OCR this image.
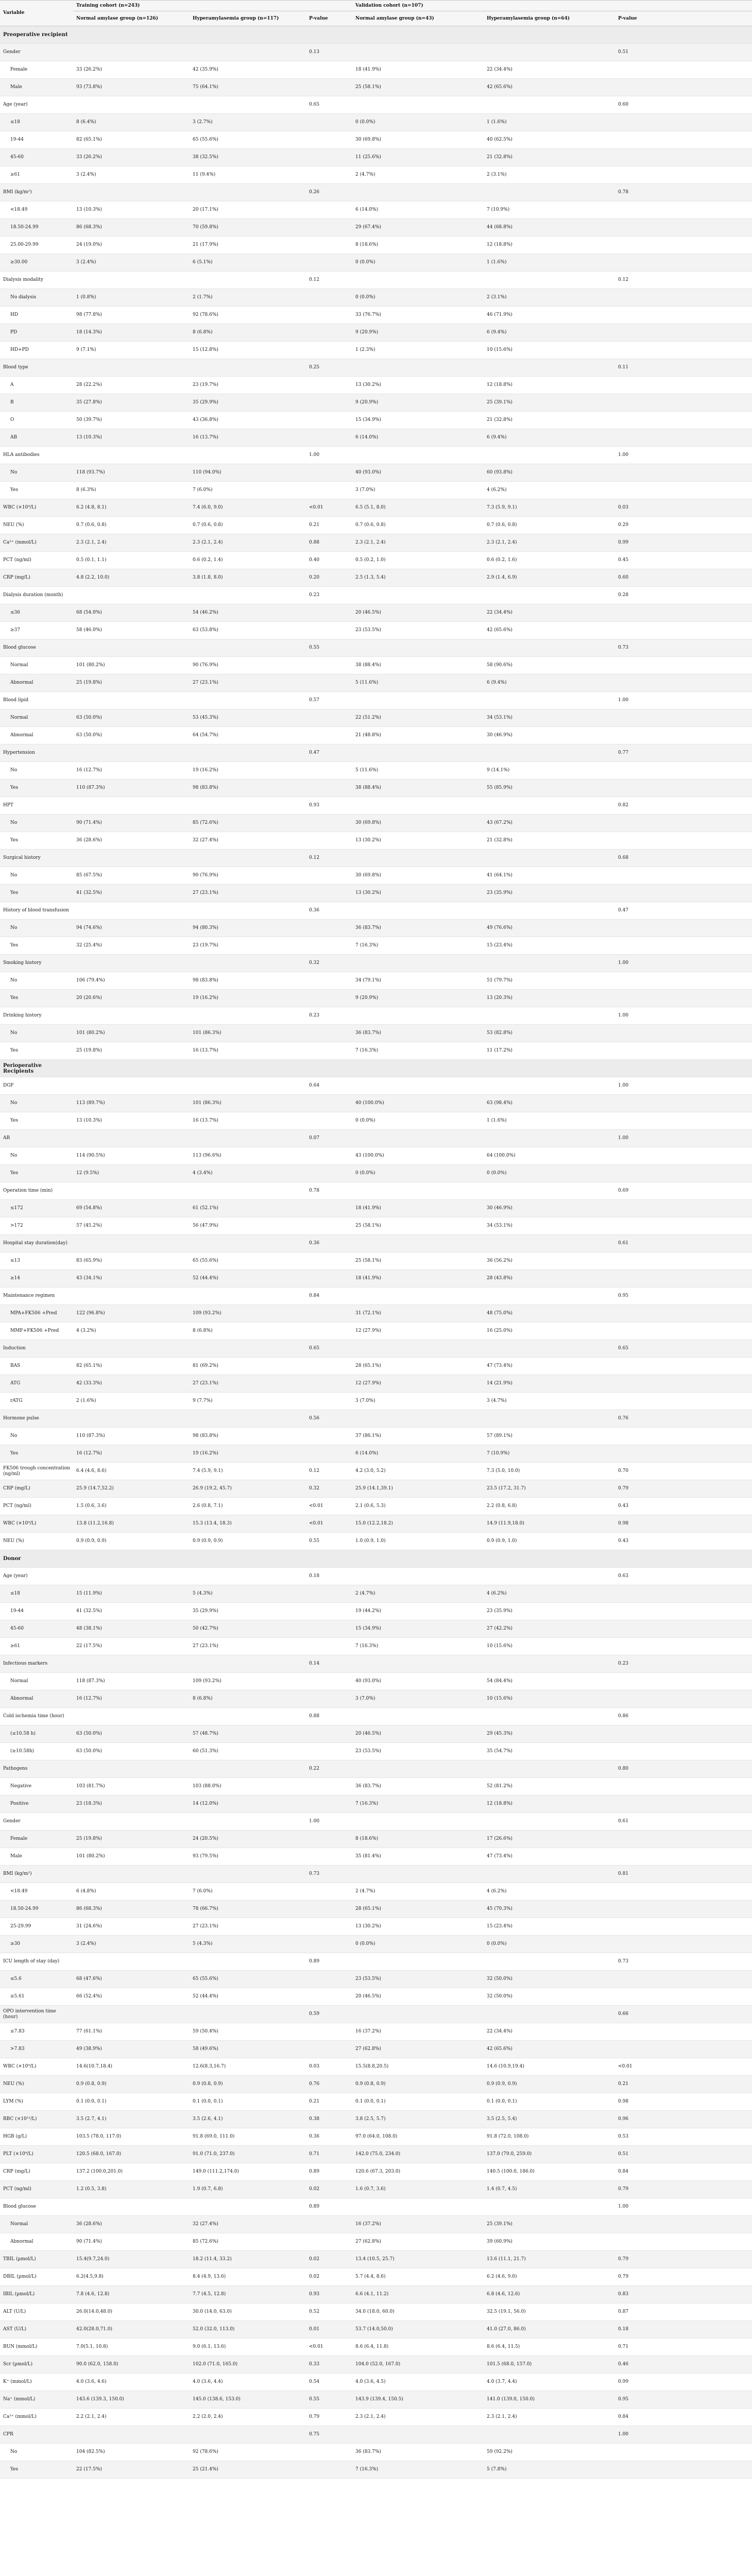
Variable	Training cohort (n=243)			Validation cohort (n=107)		
	Normal amylase group (n=126)	Hyperamylasemia group (n=117)	P-value	Normal amylase group (n=43)	Hyperamylasemia group (n=64)	P-value
Preoperative recipient						
Gender			0.13			0.51
Female	33 (26.2%)	42 (35.9%)		18 (41.9%)	22 (34.4%)	
Male	93 (73.8%)	75 (64.1%)		25 (58.1%)	42 (65.6%)	
Age (year)			0.65			0.60
≤18	8 (6.4%)	3 (2.7%)		0 (0.0%)	1 (1.6%)	
19-44	82 (65.1%)	65 (55.6%)		30 (69.8%)	40 (62.5%)	
45-60	33 (26.2%)	38 (32.5%)		11 (25.6%)	21 (32.8%)	
≥61	3 (2.4%)	11 (9.4%)		2 (4.7%)	2 (3.1%)	
BMI (kg/m²)			0.26			0.78
<18.49	13 (10.3%)	20 (17.1%)		6 (14.0%)	7 (10.9%)	
18.50-24.99	86 (68.3%)	70 (59.8%)		29 (67.4%)	44 (68.8%)	
25.00-29.99	24 (19.0%)	21 (17.9%)		8 (18.6%)	12 (18.8%)	
≥30.00	3 (2.4%)	6 (5.1%)		0 (0.0%)	1 (1.6%)	
Dialysis modality			0.12			0.12
No dialysis	1 (0.8%)	2 (1.7%)		0 (0.0%)	2 (3.1%)	
HD	98 (77.8%)	92 (78.6%)		33 (76.7%)	46 (71.9%)	
PD	18 (14.3%)	8 (6.8%)		9 (20.9%)	6 (9.4%)	
HD+PD	9 (7.1%)	15 (12.8%)		1 (2.3%)	10 (15.6%)	
Blood type			0.25			0.11
A	28 (22.2%)	23 (19.7%)		13 (30.2%)	12 (18.8%)	
B	35 (27.8%)	35 (29.9%)		9 (20.9%)	25 (39.1%)	
O	50 (39.7%)	43 (36.8%)		15 (34.9%)	21 (32.8%)	
AB	13 (10.3%)	16 (13.7%)		6 (14.0%)	6 (9.4%)	
HLA antibodies			1.00			1.00
No	118 (93.7%)	110 (94.0%)		40 (93.0%)	60 (93.8%)	
Yes	8 (6.3%)	7 (6.0%)		3 (7.0%)	4 (6.2%)	
WBC (×10⁹/L)	6.2 (4.8, 8.1)	7.4 (6.0, 9.0)	<0.01	6.5 (5.1, 8.0)	7.3 (5.9, 9.1)	0.03
NEU (%)	0.7 (0.6, 0.8)	0.7 (0.6, 0.8)	0.21	0.7 (0.6, 0.8)	0.7 (0.6, 0.8)	0.29
Ca²⁺ (mmol/L)	2.3 (2.1, 2.4)	2.3 (2.1, 2.4)	0.88	2.3 (2.1, 2.4)	2.3 (2.1, 2.4)	0.99
PCT (ng/ml)	0.5 (0.1, 1.1)	0.6 (0.2, 1.4)	0.40	0.5 (0.2, 1.0)	0.6 (0.2, 1.6)	0.45
CRP (mg/L)	4.8 (2.2, 10.0)	3.8 (1.8, 8.0)	0.20	2.5 (1.3, 5.4)	2.9 (1.4, 6.9)	0.60
Dialysis duration (month)			0.23			0.28
≤36	68 (54.0%)	54 (46.2%)		20 (46.5%)	22 (34.4%)	
≥37	58 (46.0%)	63 (53.8%)		23 (53.5%)	42 (65.6%)	
Blood glucose			0.55			0.73
Normal	101 (80.2%)	90 (76.9%)		38 (88.4%)	58 (90.6%)	
Abnormal	25 (19.8%)	27 (23.1%)		5 (11.6%)	6 (9.4%)	
Blood lipid			0.57			1.00
Normal	63 (50.0%)	53 (45.3%)		22 (51.2%)	34 (53.1%)	
Abnormal	63 (50.0%)	64 (54.7%)		21 (48.8%)	30 (46.9%)	
Hypertension			0.47			0.77
No	16 (12.7%)	19 (16.2%)		5 (11.6%)	9 (14.1%)	
Yes	110 (87.3%)	98 (83.8%)		38 (88.4%)	55 (85.9%)	
HPT			0.93			0.82
No	90 (71.4%)	85 (72.6%)		30 (69.8%)	43 (67.2%)	
Yes	36 (28.6%)	32 (27.4%)		13 (30.2%)	21 (32.8%)	
Surgical history			0.12			0.68
No	85 (67.5%)	90 (76.9%)		30 (69.8%)	41 (64.1%)	
Yes	41 (32.5%)	27 (23.1%)		13 (30.2%)	23 (35.9%)	
History of blood transfusion			0.36			0.47
No	94 (74.6%)	94 (80.3%)		36 (83.7%)	49 (76.6%)	
Yes	32 (25.4%)	23 (19.7%)		7 (16.3%)	15 (23.4%)	
Smoking history			0.32			1.00
No	106 (79.4%)	98 (83.8%)		34 (79.1%)	51 (79.7%)	
Yes	20 (20.6%)	19 (16.2%)		9 (20.9%)	13 (20.3%)	
Drinking history			0.23			1.00
No	101 (80.2%)	101 (86.3%)		36 (83.7%)	53 (82.8%)	
Yes	25 (19.8%)	16 (13.7%)		7 (16.3%)	11 (17.2%)	
Perioperative Recipients						
DGF			0.64			1.00
No	113 (89.7%)	101 (86.3%)		40 (100.0%)	63 (98.4%)	
Yes	13 (10.3%)	16 (13.7%)		0 (0.0%)	1 (1.6%)	
AR			0.07			1.00
No	114 (90.5%)	113 (96.6%)		43 (100.0%)	64 (100.0%)	
Yes	12 (9.5%)	4 (3.4%)		0 (0.0%)	0 (0.0%)	
Operation time (min)			0.78			0.69
≤172	69 (54.8%)	61 (52.1%)		18 (41.9%)	30 (46.9%)	
>172	57 (45.2%)	56 (47.9%)		25 (58.1%)	34 (53.1%)	
Hospital stay duration(day)			0.36			0.61
≤13	83 (65.9%)	65 (55.6%)		25 (58.1%)	36 (56.2%)	
≥14	43 (34.1%)	52 (44.4%)		18 (41.9%)	28 (43.8%)	
Maintenance regimen			0.84			0.95
MPA+FK506 +Pred	122 (96.8%)	109 (93.2%)		31 (72.1%)	48 (75.0%)	
MMF+FK506 +Pred	4 (3.2%)	8 (6.8%)		12 (27.9%)	16 (25.0%)	
Induction			0.65			0.65
BAS	82 (65.1%)	81 (69.2%)		28 (65.1%)	47 (73.4%)	
ATG	42 (33.3%)	27 (23.1%)		12 (27.9%)	14 (21.9%)	
rATG	2 (1.6%)	9 (7.7%)		3 (7.0%)	3 (4.7%)	
Hormone pulse			0.56			0.76
No	110 (87.3%)	98 (83.8%)		37 (86.1%)	57 (89.1%)	
Yes	16 (12.7%)	19 (16.2%)		6 (14.0%)	7 (10.9%)	
FK506 trough concentration (ng/ml)	6.4 (4.6, 8.6)	7.4 (5.9, 9.1)	0.12	4.2 (3.0, 5.2)	7.3 (5.0, 10.0)	0.70
CRP (mg/L)	25.9 (14.7,52.2)	26.9 (19.2, 45.7)	0.32	25.9 (14.1,39.1)	23.5 (17.2, 31.7)	0.79
PCT (ng/ml)	1.5 (0.6, 3.6)	2.6 (0.8, 7.1)	<0.01	2.1 (0.6, 5.3)	2.2 (0.8, 6.8)	0.43
WBC (×10⁹/L)	13.8 (11.2,16.8)	15.3 (13.4, 18.3)	<0.01	15.0 (12.2,18.2)	14.9 (11.9,18.0)	0.98
NEU (%)	0.9 (0.9, 0.9)	0.9 (0.9, 0.9)	0.55	1.0 (0.9, 1.0)	0.9 (0.9, 1.0)	0.43
Donor						
Age (year)			0.18			0.63
≤18	15 (11.9%)	5 (4.3%)		2 (4.7%)	4 (6.2%)	
19-44	41 (32.5%)	35 (29.9%)		19 (44.2%)	23 (35.9%)	
45-60	48 (38.1%)	50 (42.7%)		15 (34.9%)	27 (42.2%)	
≥61	22 (17.5%)	27 (23.1%)		7 (16.3%)	10 (15.6%)	
Infectious markers			0.14			0.23
Normal	118 (87.3%)	109 (93.2%)		40 (93.0%)	54 (84.4%)	
Abnormal	16 (12.7%)	8 (6.8%)		3 (7.0%)	10 (15.6%)	
Cold ischemia time (hour)			0.88			0.86
(≤10.58 h)	63 (50.0%)	57 (48.7%)		20 (46.5%)	29 (45.3%)	
(≥10.58h)	63 (50.0%)	60 (51.3%)		23 (53.5%)	35 (54.7%)	
Pathogens			0.22			0.80
Negative	103 (81.7%)	103 (88.0%)		36 (83.7%)	52 (81.2%)	
Positive	23 (18.3%)	14 (12.0%)		7 (16.3%)	12 (18.8%)	
Gender			1.00			0.61
Female	25 (19.8%)	24 (20.5%)		8 (18.6%)	17 (26.6%)	
Male	101 (80.2%)	93 (79.5%)		35 (81.4%)	47 (73.4%)	
BMI (kg/m²)			0.73			0.81
<18.49	6 (4.8%)	7 (6.0%)		2 (4.7%)	4 (6.2%)	
18.50-24.99	86 (68.3%)	78 (66.7%)		28 (65.1%)	45 (70.3%)	
25-29.99	31 (24.6%)	27 (23.1%)		13 (30.2%)	15 (23.4%)	
≥30	3 (2.4%)	5 (4.3%)		0 (0.0%)	0 (0.0%)	
ICU length of stay (day)			0.89			0.73
≤5.6	68 (47.6%)	65 (55.6%)		23 (53.5%)	32 (50.0%)	
≥5.61	66 (52.4%)	52 (44.4%)		20 (46.5%)	32 (50.0%)	
OPO intervention time (hour)			0.59			0.66
≤7.83	77 (61.1%)	59 (50.4%)		16 (37.2%)	22 (34.4%)	
>7.83	49 (38.9%)	58 (49.6%)		27 (62.8%)	42 (65.6%)	
WBC (×10⁹/L)	14.6(10.7,18.4)	12.6(8.3,16.7)	0.03	15.5(8.8,20.5)	14.6 (10.9,19.4)	<0.01
NEU (%)	0.9 (0.8, 0.9)	0.9 (0.8, 0.9)	0.76	0.9 (0.8, 0.9)	0.9 (0.9, 0.9)	0.21
LYM (%)	0.1 (0.0, 0.1)	0.1 (0.0, 0.1)	0.21	0.1 (0.0, 0.1)	0.1 (0.0, 0.1)	0.98
RBC (×10¹²/L)	3.5 (2.7, 4.1)	3.5 (2.6, 4.1)	0.38	3.8 (2.5, 5.7)	3.5 (2.5, 5.4)	0.96
HGB (g/L)	103.5 (78.0, 117.0)	91.8 (69.0, 111.0)	0.36	97.0 (64.0, 108.0)	91.8 (72.0, 108.0)	0.53
PLT (×10⁹/L)	120.5 (68.0, 167.0)	91.0 (71.0, 237.0)	0.71	142.0 (75.0, 234.0)	137.0 (79.0, 259.0)	0.51
CRP (mg/L)	137.2 (100.0,201.0)	149.0 (111.2,174.0)	0.89	120.6 (67.3, 203.0)	140.5 (100.0, 186.0)	0.84
PCT (ng/ml)	1.2 (0.5, 3.8)	1.9 (0.7, 6.8)	0.02	1.6 (0.7, 3.6)	1.4 (0.7, 4.5)	0.79
Blood glucose			0.89			1.00
Normal	36 (28.6%)	32 (27.4%)		16 (37.2%)	25 (39.1%)	
Abnormal	90 (71.4%)	85 (72.6%)		27 (62.8%)	39 (60.9%)	
TBIL (µmol/L)	15.4(9.7,24.0)	18.2 (11.4, 33.2)	0.02	13.4 (10.5, 25.7)	13.6 (11.1, 21.7)	0.79
DBIL (µmol/L)	6.2(4.5,9.8)	8.4 (4.9, 13.6)	0.02	5.7 (4.4, 8.6)	6.2 (4.6, 9.0)	0.79
IBIL (µmol/L)	7.8 (4.6, 12.8)	7.7 (4.5, 12.8)	0.93	6.6 (4.1, 11.2)	6.8 (4.6, 12.6)	0.83
ALT (U/L)	26.0(14.0,48.0)	30.0 (14.0, 63.0)	0.52	34.0 (18.0, 60.0)	32.5 (19.1, 56.0)	0.87
AST (U/L)	42.0(28.0,71.0)	52.0 (32.0, 113.0)	0.01	53.7 (14.0,50.0)	41.0 (27.0, 86.0)	0.18
BUN (mmol/L)	7.0(5.1, 10.8)	9.0 (6.1, 13.6)	<0.01	8.6 (6.4, 11.8)	8.6 (6.4, 11.5)	0.71
Scr (µmol/L)	90.0 (62.0, 158.0)	102.0 (71.0, 165.0)	0.33	104.0 (52.0, 167.0)	101.5 (68.0, 157.0)	0.46
K⁺ (mmol/L)	4.0 (3.6, 4.6)	4.0 (3.6, 4.4)	0.54	4.0 (3.6, 4.5)	4.0 (3.7, 4.4)	0.99
Na⁺ (mmol/L)	143.6 (139.3, 150.0)	145.0 (138.6, 153.0)	0.55	143.9 (139.4, 150.5)	141.0 (139.0, 150.0)	0.95
Ca²⁺ (mmol/L)	2.2 (2.1, 2.4)	2.2 (2.0, 2.4)	0.79	2.3 (2.1, 2.4)	2.3 (2.1, 2.4)	0.84
CPR			0.75			1.00
No	104 (82.5%)	92 (78.6%)		36 (83.7%)	59 (92.2%)	
Yes	22 (17.5%)	25 (21.4%)		7 (16.3%)	5 (7.8%)	
